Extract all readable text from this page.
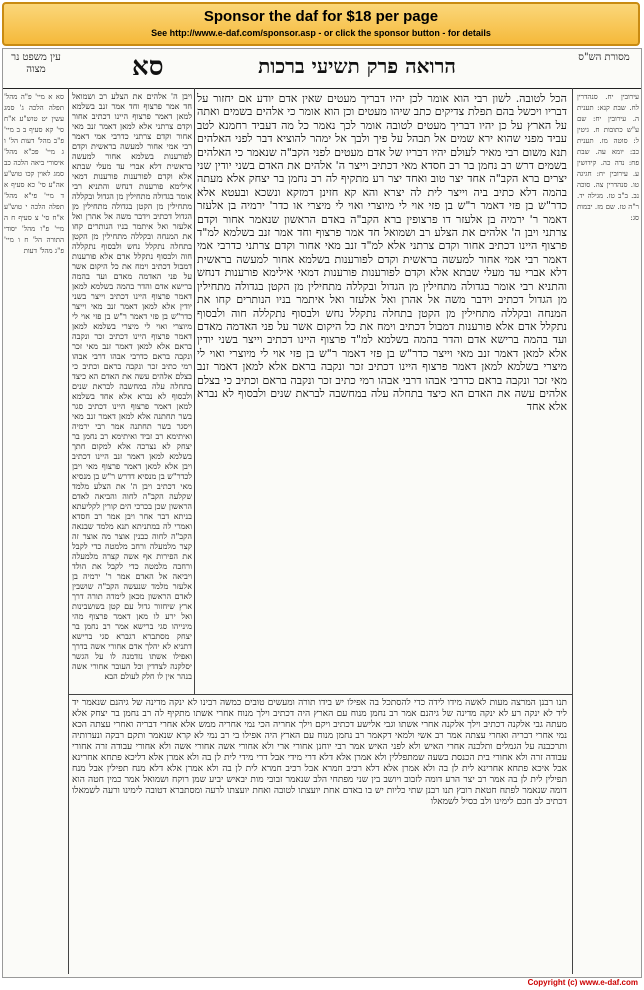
Sponsor the daf for $18 per page
See http://www.e-daf.com/sponsor.asp - or click the sponsor button - for details
עין משפט נר מצוה	סא	הרואה פרק תשיעי ברכות	מסורת הש"ס
עירובין יח. סנהדרין לח. שבת קנא: תענית ה. עירובין יח: שם ע"ש כתובות ח. גיטין ל: סוטה מז. תענית כב: יומא עה. שבת פח: נדה כה. קידושין ע. עירובין יח: חגיגה טו. סנהדרין צה. סוכה נב. ב"ב טז. מגילה יד. ר"ה טז. שם מז. יבמות סג:
הכל לטובה. לשון רבי הוא אומר לכן יהיו דבריך מעטים שאין אדם יודע אם יחזור על דבריו ויכשל בהם תפלת צדיקים כתב שיהו מעטים וכן הוא אומר כי אלהים בשמים ואתה על הארץ על כן יהיו דבריך מעטים לטובה אומר לכך נאמר כל מה דעביד רחמנא לטב עביד מפני שהוא ירא שמים אל תבהל על פיך ולבך אל ימהר להוציא דבר לפני האלהים תנא משום רבי מאיר לעולם יהיו דבריו של אדם מעטים לפני הקב"ה שנאמר כי האלהים בשמים דרש רב נחמן בר רב חסדא מאי דכתיב וייצר ה' אלהים את האדם בשני יודין שני יצרים ברא הקב"ה אחד יצר טוב ואחד יצר רע מתקיף לה רב נחמן בר יצחק אלא מעתה בהמה דלא כתיב ביה וייצר לית לה יצרא והא קא חזינן דמזקא ונשכא ובעטא אלא כדר"ש בן פזי דאמר ר"ש בן פזי אוי לי מיוצרי ואוי לי מיצרי או כדר' ירמיה בן אלעזר דאמר ר' ירמיה בן אלעזר דו פרצופין ברא הקב"ה באדם הראשון שנאמר אחור וקדם צרתני ויבן ה' אלהים את הצלע רב ושמואל חד אמר פרצוף וחד אמר זנב בשלמא למ"ד פרצוף היינו דכתיב אחור וקדם צרתני אלא למ"ד זנב מאי אחור וקדם צרתני כדרבי אמי דאמר רבי אמי אחור למעשה בראשית וקדם לפורענות בשלמא אחור למעשה בראשית דלא אברי עד מעלי שבתא אלא וקדם לפורענות פורענות דמאי אילימא פורענות דנחש והתניא רבי אומר בגדולה מתחילין מן הגדול ובקללה מתחילין מן הקטן בגדולה מתחילין מן הגדול דכתיב וידבר משה אל אהרן ואל אלעזר ואל איתמר בניו הנותרים קחו את המנחה ובקללה מתחילין מן הקטן בתחלה נתקלל נחש ולבסוף נתקללה חוה ולבסוף נתקלל אדם אלא פורענות דמבול דכתיב וימח את כל היקום אשר על פני האדמה מאדם ועד בהמה ברישא אדם והדר בהמה בשלמא למ"ד פרצוף היינו דכתיב וייצר בשני יודין אלא למאן דאמר זנב מאי וייצר כדר"ש בן פזי דאמר ר"ש בן פזי אוי לי מיוצרי ואוי לי מיצרי בשלמא למאן דאמר פרצוף היינו דכתיב זכר ונקבה בראם אלא למאן דאמר זנב מאי זכר ונקבה בראם כדרבי אבהו דרבי אבהו רמי כתיב זכר ונקבה בראם וכתיב כי בצלם אלהים עשה את האדם הא כיצד בתחלה עלה במחשבה לבראת שנים ולבסוף לא נברא אלא אחד
ויבן ה' אלהים את הצלע רב ושמואל חד אמר פרצוף וחד אמר זנב בשלמא למאן דאמר פרצוף היינו דכתיב אחור וקדם צרתני אלא למאן דאמר זנב מאי אחור וקדם צרתני כדרבי אמי דאמר רבי אמי אחור למעשה בראשית וקדם לפורענות בשלמא אחור למעשה בראשית דלא אברי עד מעלי שבתא אלא וקדם לפורענות פורענות דמאי אילימא פורענות דנחש והתניא רבי אומר בגדולה מתחילין מן הגדול ובקללה מתחילין מן הקטן בגדולה מתחילין מן הגדול דכתיב וידבר משה אל אהרן ואל אלעזר ואל איתמר בניו הנותרים קחו את המנחה ובקללה מתחילין מן הקטן בתחלה נתקלל נחש ולבסוף נתקללה חוה ולבסוף נתקלל אדם אלא פורענות דמבול דכתיב וימח את כל היקום אשר על פני האדמה מאדם ועד בהמה ברישא אדם והדר בהמה בשלמא למאן דאמר פרצוף היינו דכתיב וייצר בשני יודין אלא למאן דאמר זנב מאי וייצר כדר"ש בן פזי דאמר ר"ש בן פזי אוי לי מיוצרי ואוי לי מיצרי בשלמא למאן דאמר פרצוף היינו דכתיב זכר ונקבה בראם אלא למאן דאמר זנב מאי זכר ונקבה בראם כדרבי אבהו דרבי אבהו רמי כתיב זכר ונקבה בראם וכתיב כי בצלם אלהים עשה את האדם הא כיצד בתחלה עלה במחשבה לבראת שנים ולבסוף לא נברא אלא אחד בשלמא למאן דאמר פרצוף היינו דכתיב סגר בשר תחתנה אלא למאן דאמר זנב מאי ויסגר בשר תחתנה אמר רבי ירמיה ואיתימא רב זביד ואיתימא רב נחמן בר יצחק לא נצרכה אלא למקום חתך בשלמא למאן דאמר זנב היינו דכתיב ויבן אלא למאן דאמר פרצוף מאי ויבן לכדר"ש בן מנסיא דדרש ר"ש בן מנסיא מאי דכתיב ויבן ה' את הצלע מלמד שקלעה הקב"ה לחוה והביאה לאדם הראשון שכן בכרכי הים קורין לקליעתא בניתא דבר אחר ויבן אמר רב חסדא ואמרי לה במתניתא תנא מלמד שבנאה הקב"ה לחוה כבנין אוצר מה אוצר זה קצר מלמעלה ורחב מלמטה כדי לקבל את הפירות אף אשה קצרה מלמעלה ורחבה מלמטה כדי לקבל את הולד ויביאה אל האדם אמר ר' ירמיה בן אלעזר מלמד שנעשה הקב"ה שושבין לאדם הראשון מכאן לימדה תורה דרך ארץ שיחזור גדול עם קטן בשושבינות ואל ירע לו מאן דאמר פרצוף מהי מינייהו סגי ברישא אמר רב נחמן בר יצחק מסתברא דגברא סגי ברישא דתניא לא יהלך אדם אחורי אשה בדרך ואפילו אשתו נזדמנה לו על הגשר יסלקנה לצדדין וכל העובר אחורי אשה בנהר אין לו חלק לעולם הבא
תנו רבנן המרצה מעות לאשה מידו לידה כדי להסתכל בה אפילו יש בידו תורה ומעשים טובים כמשה רבינו לא ינקה מדינה של גיהנם שנאמר יד ליד לא ינקה רע לא ינקה מדינה של גיהנם אמר רב נחמן מנוח עם הארץ היה דכתיב וילך מנוח אחרי אשתו מתקיף לה רב נחמן בר יצחק אלא מעתה גבי אלקנה דכתיב וילך אלקנה אחרי אשתו וגבי אלישע דכתיב ויקם וילך אחריה הכי נמי אחריה ממש אלא אחרי דבריה ואחרי עצתה הכא נמי אחרי דבריה ואחרי עצתה אמר רב אשי ולמאי דקאמר רב נחמן מנוח עם הארץ היה אפילו בי רב נמי לא קרא שנאמר ותקם רבקה ונערותיה ותרכבנה על הגמלים ותלכנה אחרי האיש ולא לפני האיש אמר רבי יוחנן אחורי ארי ולא אחורי אשה אחורי אשה ולא אחורי עבודה זרה אחורי עבודה זרה ולא אחורי בית הכנסת בשעה שמתפללין ולא אמרן אלא דלא דרי מידי אבל דרי מידי לית לן בה ולא אמרן אלא דליכא פתחא אחרינא אבל איכא פתחא אחרינא לית לן בה ולא אמרן אלא דלא רכיב חמרא אבל רכיב חמרא לית לן בה ולא אמרן אלא דלא מנח תפילין אבל מנח תפילין לית לן בה אמר רב יצר הרע דומה לזבוב ויושב בין שני מפתחי הלב שנאמר זבובי מות יבאיש יביע שמן רוקח ושמואל אמר כמין חטה הוא דומה שנאמר לפתח חטאת רובץ תנו רבנן שתי כליות יש בו באדם אחת יועצתו לטובה ואחת יועצתו לרעה ומסתברא דטובה לימינו ורעה לשמאלו דכתיב לב חכם לימינו ולב כסיל לשמאלו
סא א מיי' פ"ה מהל' תפלה הלכה ג' סמג עשין יט טוש"ע א"ח סי' קא סעיף ב ב מיי' פ"ב מהל' דעות הל' ו ג מיי' פכ"א מהל' איסורי ביאה הלכה כב סמג לאוין קכו טוש"ע אה"ע סי' כא סעיף א ד מיי' פי"א מהל' תפלה הלכה י טוש"ע א"ח סי' צ סעיף ח ה מיי' פ"ו מהל' יסודי התורה הל' ח ו מיי' פ"ג מהל' דעות
Copyright (c) www.e-daf.com
